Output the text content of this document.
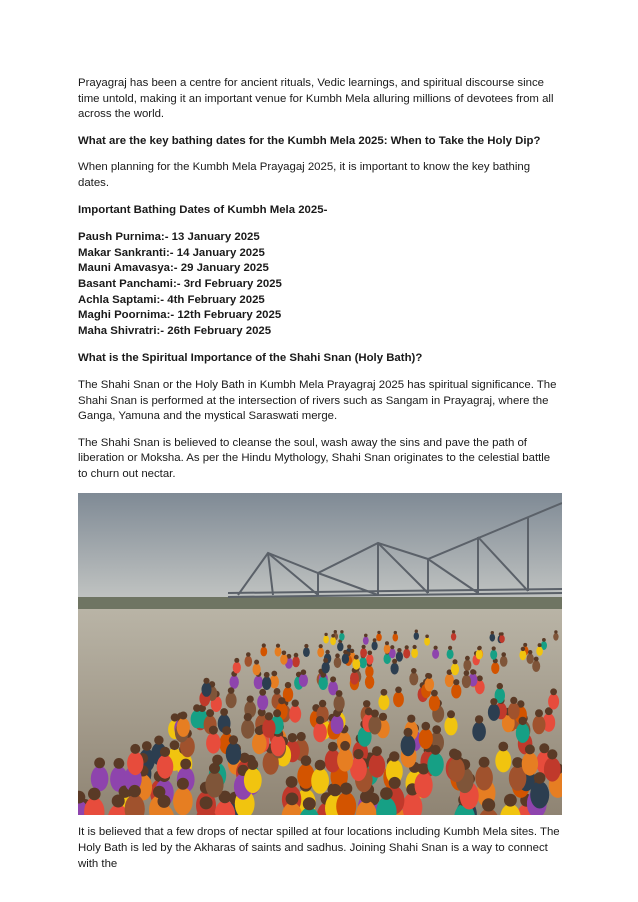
Prayagraj has been a centre for ancient rituals, Vedic learnings, and spiritual discourse since time untold, making it an important venue for Kumbh Mela alluring millions of devotees from all across the world.

What are the key bathing dates for the Kumbh Mela 2025: When to Take the Holy Dip?

When planning for the Kumbh Mela Prayagaj 2025, it is important to know the key bathing dates.

Important Bathing Dates of Kumbh Mela 2025-

Paush Purnima:- 13 January 2025
Makar Sankranti:- 14 January 2025
Mauni Amavasya:- 29 January 2025
Basant Panchami:- 3rd February 2025
Achla Saptami:- 4th February 2025
Maghi Poornima:- 12th February 2025
Maha Shivratri:- 26th February 2025

What is the Spiritual Importance of the Shahi Snan (Holy Bath)?

The Shahi Snan or the Holy Bath in Kumbh Mela Prayagraj 2025 has spiritual significance. The Shahi Snan is performed at the intersection of rivers such as Sangam in Prayagraj, where the Ganga, Yamuna and the mystical Saraswati merge.

The Shahi Snan is believed to cleanse the soul, wash away the sins and pave the path of liberation or Moksha. As per the Hindu Mythology, Shahi Snan originates to the celestial battle to churn out nectar.

It is believed that a few drops of nectar spilled at four locations including Kumbh Mela sites. The Holy Bath is led by the Akharas of saints and sadhus. Joining Shahi Snan is a way to connect with the
